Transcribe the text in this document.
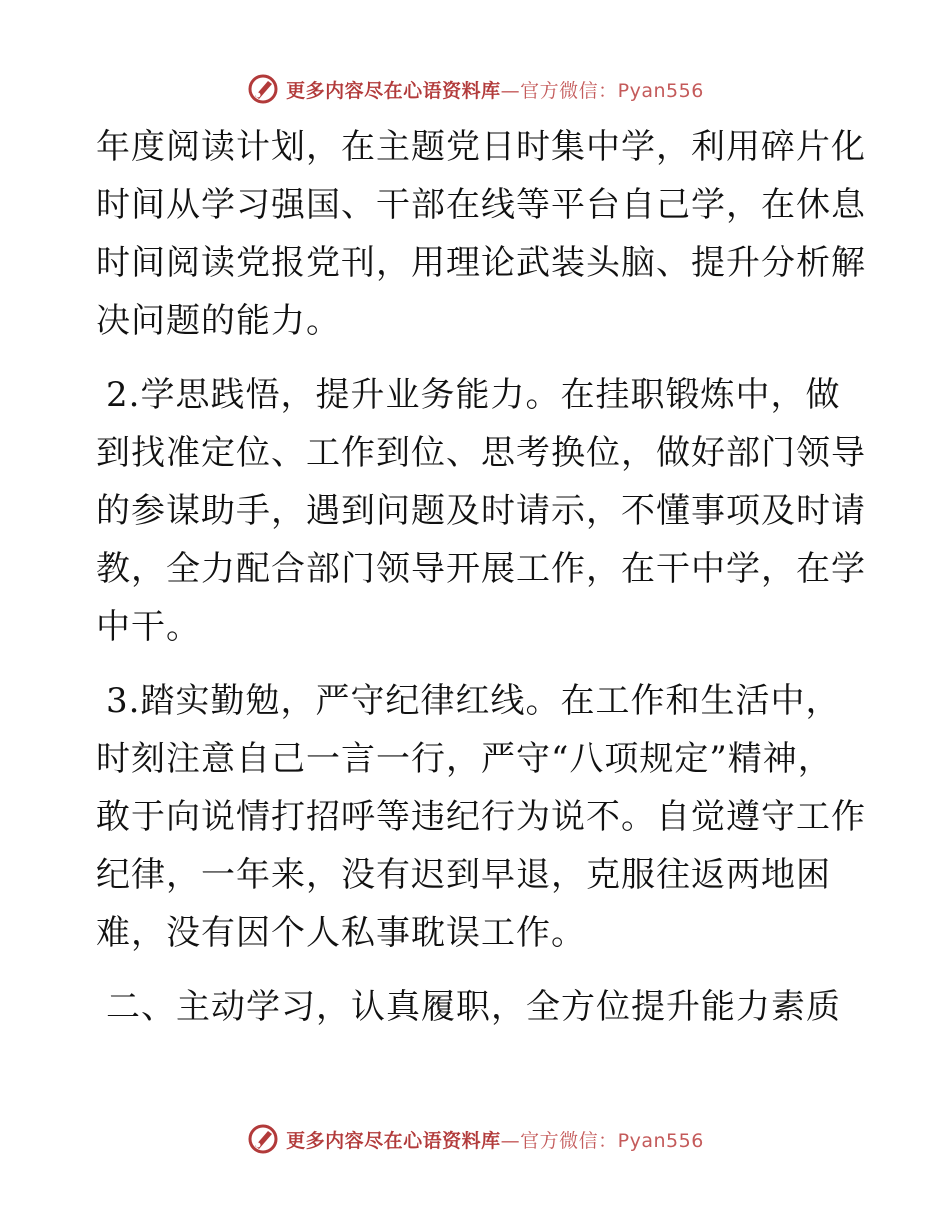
更多内容尽在心语资料库—官方微信：Pyan556
年度阅读计划，在主题党日时集中学，利用碎片化
时间从学习强国、干部在线等平台自己学，在休息
时间阅读党报党刊，用理论武装头脑、提升分析解
决问题的能力。
2.学思践悟，提升业务能力。在挂职锻炼中，做
到找准定位、工作到位、思考换位，做好部门领导
的参谋助手，遇到问题及时请示，不懂事项及时请
教，全力配合部门领导开展工作，在干中学，在学
中干。
3.踏实勤勉，严守纪律红线。在工作和生活中，
时刻注意自己一言一行，严守“八项规定”精神，
敢于向说情打招呼等违纪行为说不。自觉遵守工作
纪律，一年来，没有迟到早退，克服往返两地困
难，没有因个人私事耽误工作。
二、主动学习，认真履职，全方位提升能力素质
更多内容尽在心语资料库—官方微信：Pyan556
